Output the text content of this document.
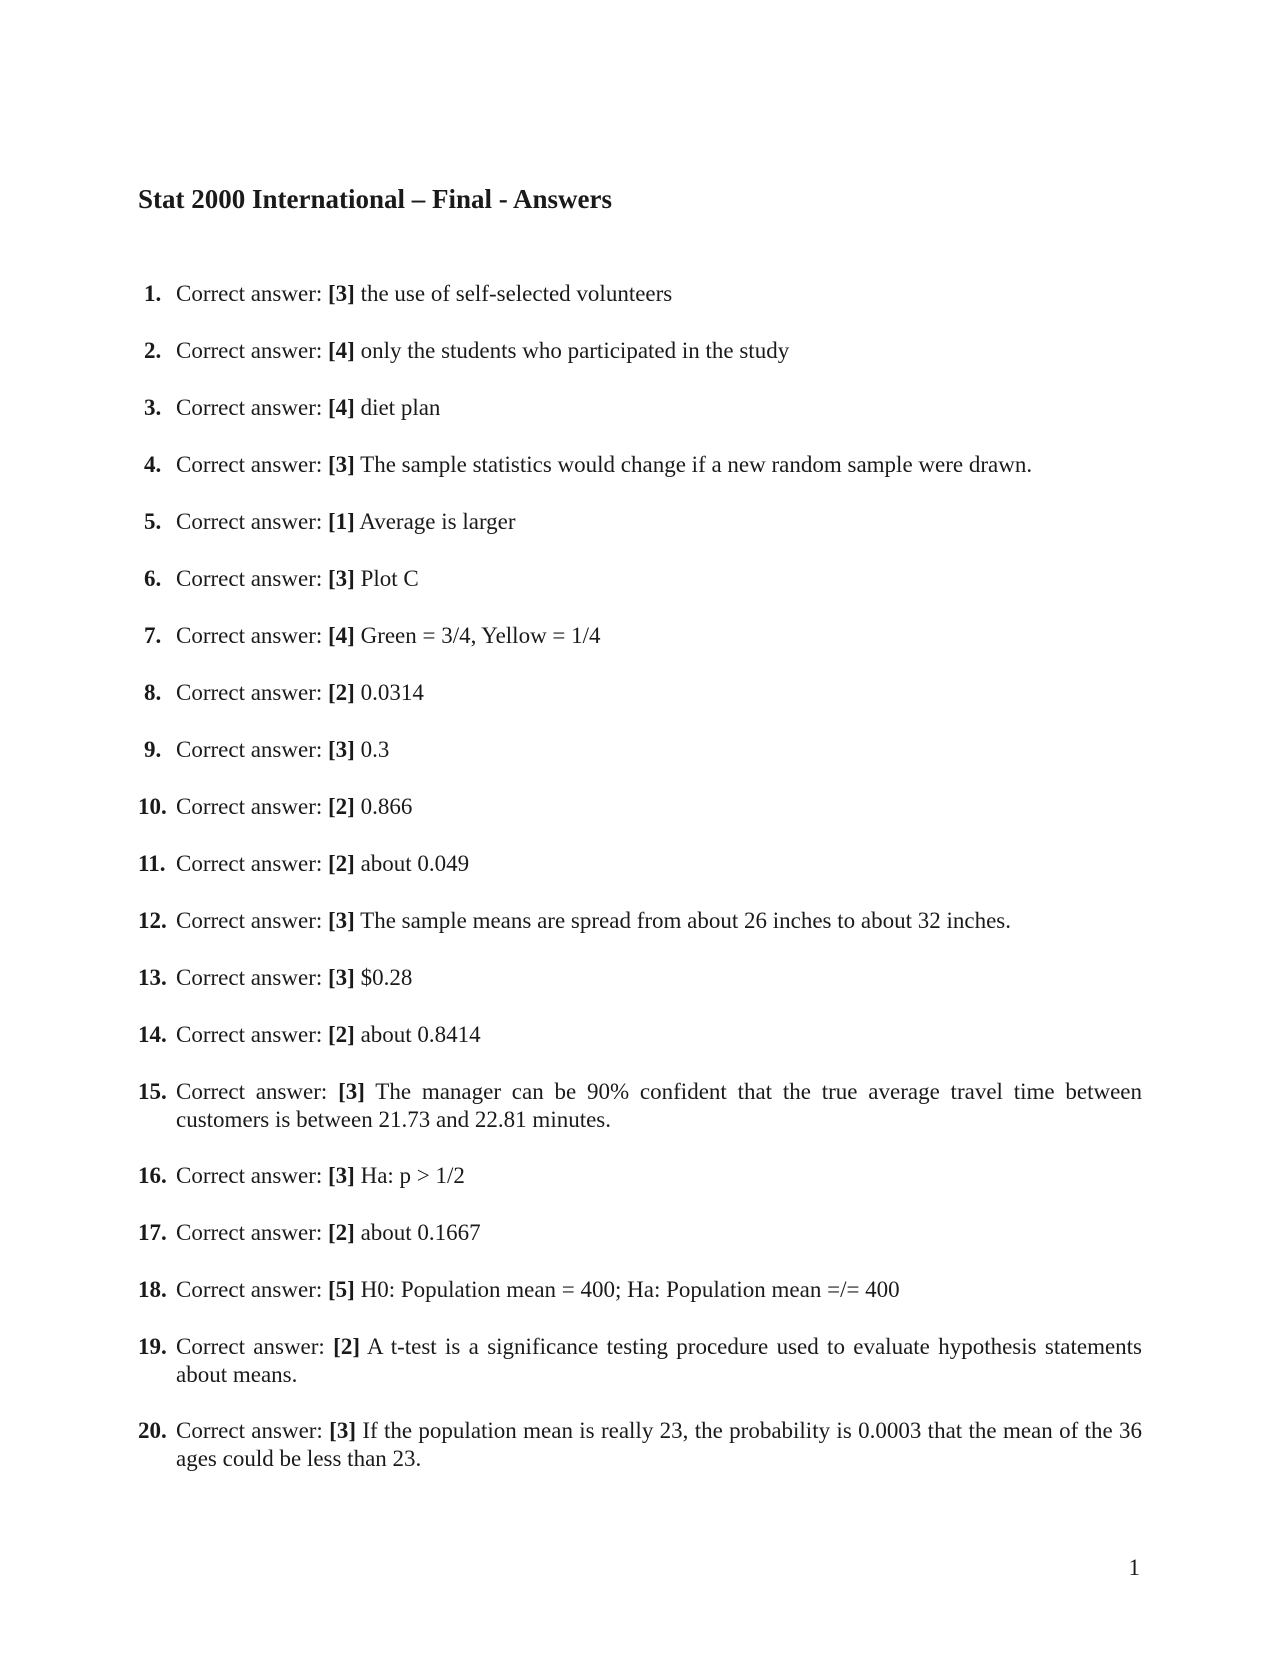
Stat 2000 International – Final - Answers
1. Correct answer: [3] the use of self-selected volunteers
2. Correct answer: [4] only the students who participated in the study
3. Correct answer: [4] diet plan
4. Correct answer: [3] The sample statistics would change if a new random sample were drawn.
5. Correct answer: [1] Average is larger
6. Correct answer: [3] Plot C
7. Correct answer: [4] Green = 3/4, Yellow = 1/4
8. Correct answer: [2] 0.0314
9. Correct answer: [3] 0.3
10. Correct answer: [2] 0.866
11. Correct answer: [2] about 0.049
12. Correct answer: [3] The sample means are spread from about 26 inches to about 32 inches.
13. Correct answer: [3] $0.28
14. Correct answer: [2] about 0.8414
15. Correct answer: [3] The manager can be 90% confident that the true average travel time between customers is between 21.73 and 22.81 minutes.
16. Correct answer: [3] Ha: p > 1/2
17. Correct answer: [2] about 0.1667
18. Correct answer: [5] H0: Population mean = 400; Ha: Population mean =/= 400
19. Correct answer: [2] A t-test is a significance testing procedure used to evaluate hypothesis statements about means.
20. Correct answer: [3] If the population mean is really 23, the probability is 0.0003 that the mean of the 36 ages could be less than 23.
1
